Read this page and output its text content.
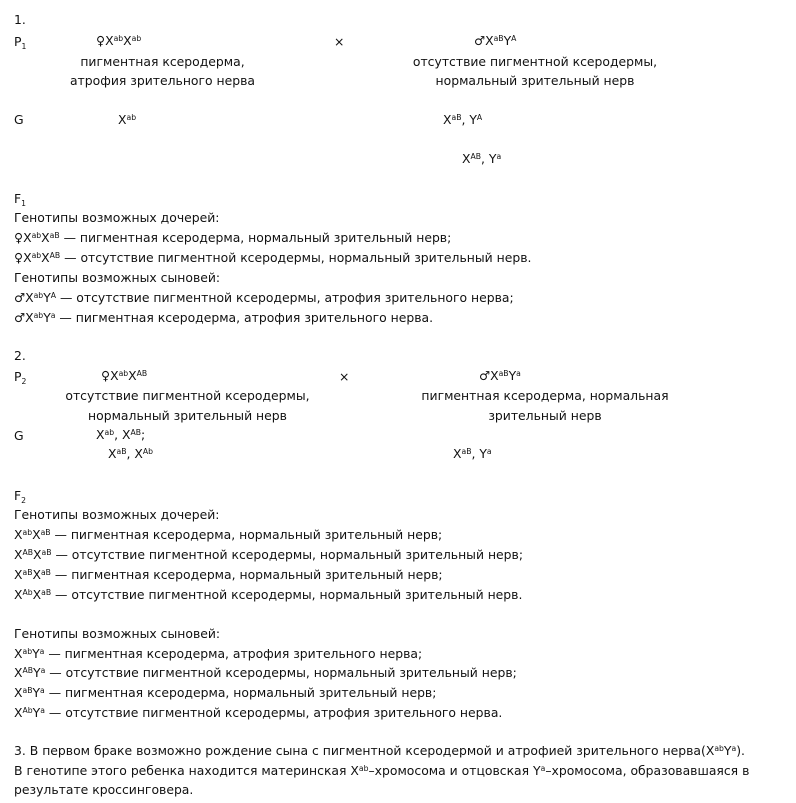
1.
$P_1$	$♀X^{ab}X^{ab}$
пигментная ксеродерма,
атрофия зрительного нерва
×	$♂X^{aB}Y^A$
отсутствие пигментной ксеродермы,
нормальный зрительный нерв
G	$X^{ab}$	$X^{aB}$, $Y^A$
$X^{AB}$, $Y^a$
$F_1$
Генотипы возможных дочерей:
$♀X^{ab}X^{aB}$ — пигментная ксеродерма, нормальный зрительный нерв;
$♀X^{ab}X^{AB}$ — отсутствие пигментной ксеродермы, нормальный зрительный нерв.
Генотипы возможных сыновей:
$♂X^{ab}Y^A$ — отсутствие пигментной ксеродермы, атрофия зрительного нерва;
$♂X^{ab}Y^a$ — пигментная ксеродерма, атрофия зрительного нерва.
2.
$P_2$	$♀X^{ab}X^{AB}$
отсутствие пигментной ксеродермы,
нормальный зрительный нерв
×	$♂X^{aB}Y^a$
пигментная ксеродерма, нормальная
зрительный нерв
G	$X^{ab}$, $X^{AB}$;
$X^{aB}$, $X^{Ab}$	$X^{aB}$, $Y^a$
$F_2$
Генотипы возможных дочерей:
$X^{ab}X^{aB}$ — пигментная ксеродерма, нормальный зрительный нерв;
$X^{AB}X^{aB}$ — отсутствие пигментной ксеродермы, нормальный зрительный нерв;
$X^{aB}X^{aB}$ — пигментная ксеродерма, нормальный зрительный нерв;
$X^{Ab}X^{aB}$ — отсутствие пигментной ксеродермы, нормальный зрительный нерв.
Генотипы возможных сыновей:
$X^{ab}Y^a$ — пигментная ксеродерма, атрофия зрительного нерва;
$X^{AB}Y^a$ — отсутствие пигментной ксеродермы, нормальный зрительный нерв;
$X^{aB}Y^a$ — пигментная ксеродерма, нормальный зрительный нерв;
$X^{Ab}Y^a$ — отсутствие пигментной ксеродермы, атрофия зрительного нерва.
3. В первом браке возможно рождение сына с пигментной ксеродермой и атрофией зрительного $нерва(X^{ab}Y^a)$.
В генотипе этого ребенка находится материнская $X^{ab}$–хромосома и отцовская $Y^a$–хромосома, образовавшаяся в
результате кроссинговера.
